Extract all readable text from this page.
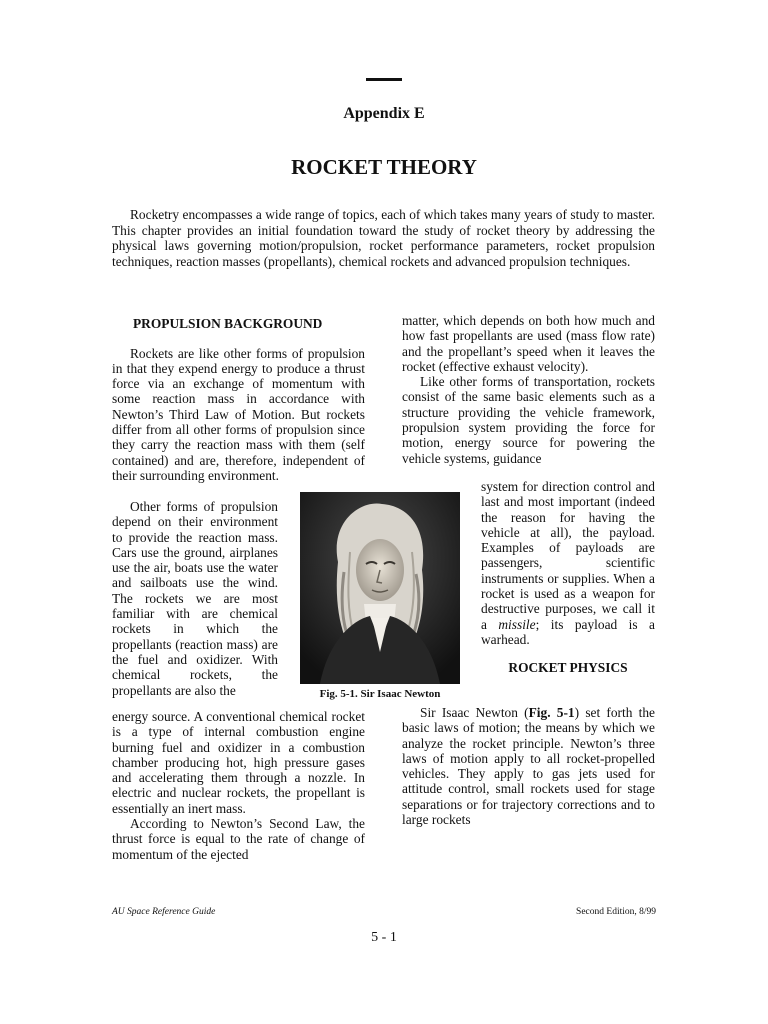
Appendix E
ROCKET THEORY

Rocketry encompasses a wide range of topics, each of which takes many years of study to master. This chapter provides an initial foundation toward the study of rocket theory by addressing the physical laws governing motion/propulsion, rocket performance parameters, rocket propulsion techniques, reaction masses (propellants), chemical rockets and advanced propulsion techniques.

PROPULSION BACKGROUND

Rockets are like other forms of propulsion in that they expend energy to produce a thrust force via an exchange of momentum with some reaction mass in accordance with Newton’s Third Law of Motion. But rockets differ from all other forms of propulsion since they carry the reaction mass with them (self contained) and are, therefore, independent of their surrounding environment.

Other forms of propulsion depend on their environment to provide the reaction mass. Cars use the ground, airplanes use the air, boats use the water and sailboats use the wind. The rockets we are most familiar with are chemical rockets in which the propellants (reaction mass) are the fuel and oxidizer. With chemical rockets, the propellants are also the

energy source. A conventional chemical rocket is a type of internal combustion engine burning fuel and oxidizer in a combustion chamber producing hot, high pressure gases and accelerating them through a nozzle. In electric and nuclear rockets, the propellant is essentially an inert mass.

According to Newton’s Second Law, the thrust force is equal to the rate of change of momentum of the ejected

Fig. 5-1. Sir Isaac Newton

matter, which depends on both how much and how fast propellants are used (mass flow rate) and the propellant’s speed when it leaves the rocket (effective exhaust velocity).

Like other forms of transportation, rockets consist of the same basic elements such as a structure providing the vehicle framework, propulsion system providing the force for motion, energy source for powering the vehicle systems, guidance

system for direction control and last and most important (indeed the reason for having the vehicle at all), the payload. Examples of payloads are passengers, scientific instruments or supplies. When a rocket is used as a weapon for destructive purposes, we call it a missile; its payload is a warhead.

ROCKET PHYSICS

Sir Isaac Newton (Fig. 5-1) set forth the basic laws of motion; the means by which we analyze the rocket principle. Newton’s three laws of motion apply to all rocket-propelled vehicles. They apply to gas jets used for attitude control, small rockets used for stage separations or for trajectory corrections and to large rockets

AU Space Reference Guide	Second Edition, 8/99
5 - 1
